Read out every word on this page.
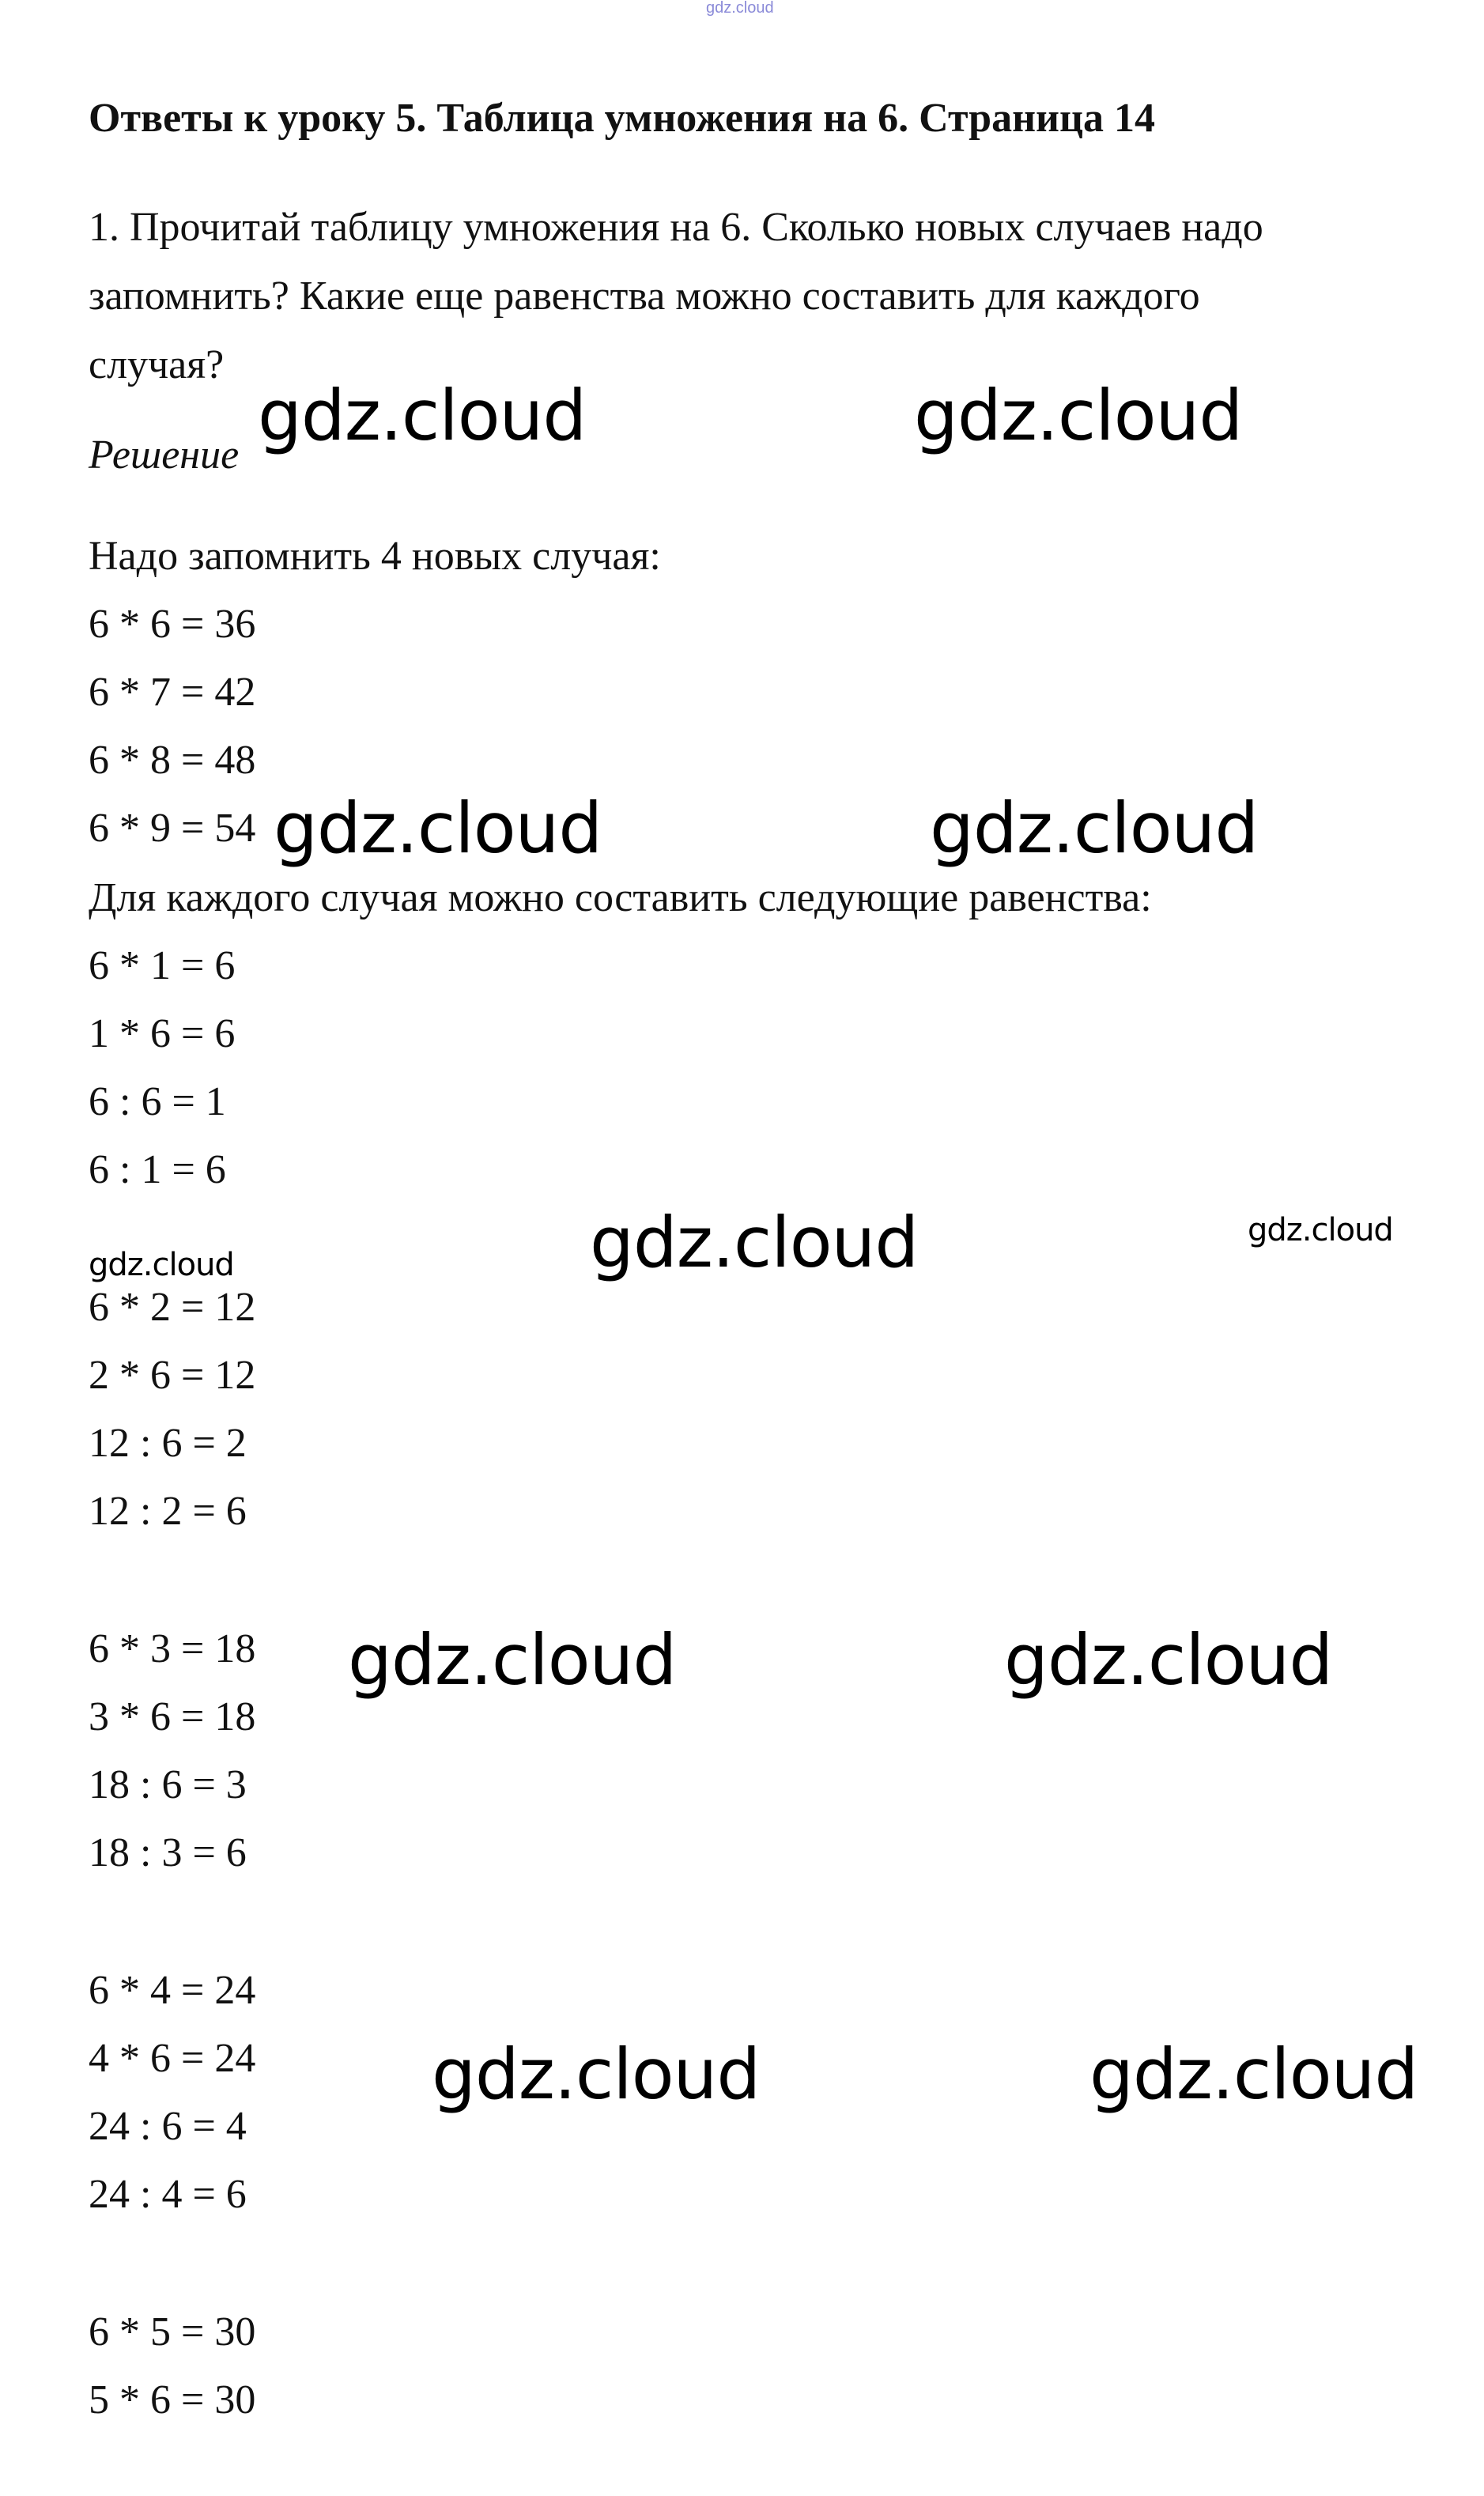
gdz.cloud
Ответы к уроку 5. Таблица умножения на 6. Страница 14
1. Прочитай таблицу умножения на 6. Сколько новых случаев надо
запомнить? Какие еще равенства можно составить для каждого
случая?
Решение
Надо запомнить 4 новых случая:
6 * 6 = 36
6 * 7 = 42
6 * 8 = 48
6 * 9 = 54
Для каждого случая можно составить следующие равенства:
6 * 1 = 6
1 * 6 = 6
6 : 6 = 1
6 : 1 = 6
6 * 2 = 12
2 * 6 = 12
12 : 6 = 2
12 : 2 = 6
6 * 3 = 18
3 * 6 = 18
18 : 6 = 3
18 : 3 = 6
6 * 4 = 24
4 * 6 = 24
24 : 6 = 4
24 : 4 = 6
6 * 5 = 30
5 * 6 = 30
gdz.cloud	gdz.cloud
gdz.cloud	gdz.cloud
gdz.cloud	gdz.cloud
gdz.cloud
gdz.cloud	gdz.cloud
gdz.cloud	gdz.cloud
